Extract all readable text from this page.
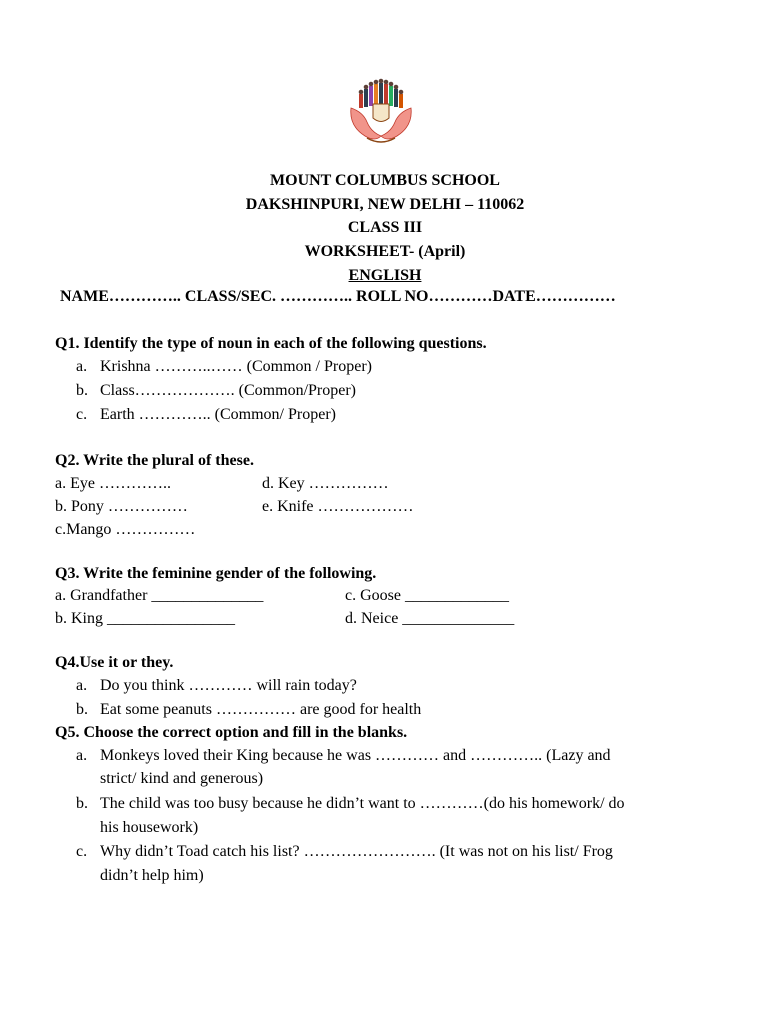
MOUNT COLUMBUS SCHOOL
DAKSHINPURI, NEW DELHI – 110062
CLASS III
WORKSHEET- (April)
ENGLISH
NAME………….. CLASS/SEC. ………….. ROLL NO…………DATE……………
Q1. Identify the type of noun in each of the following questions.
a. Krishna ………..…… (Common / Proper)
b. Class………………. (Common/Proper)
c. Earth ………….. (Common/ Proper)
Q2. Write the plural of these.
a. Eye …………..
b. Pony ……………
c.Mango ……………
d. Key ……………
e. Knife ………………
Q3. Write the feminine gender of the following.
a. Grandfather ______________
b. King ________________
c. Goose _____________
d. Neice ______________
Q4.Use it or they.
a. Do you think ………… will rain today?
b. Eat some peanuts …………… are good for health
Q5. Choose the correct option and fill in the blanks.
a. Monkeys loved their King because he was ………… and ………….. (Lazy and
strict/ kind and generous)
b. The child was too busy because he didn’t want to …………(do his homework/ do
his housework)
c. Why didn’t Toad catch his list? ……………………. (It was not on his list/ Frog
didn’t help him)
